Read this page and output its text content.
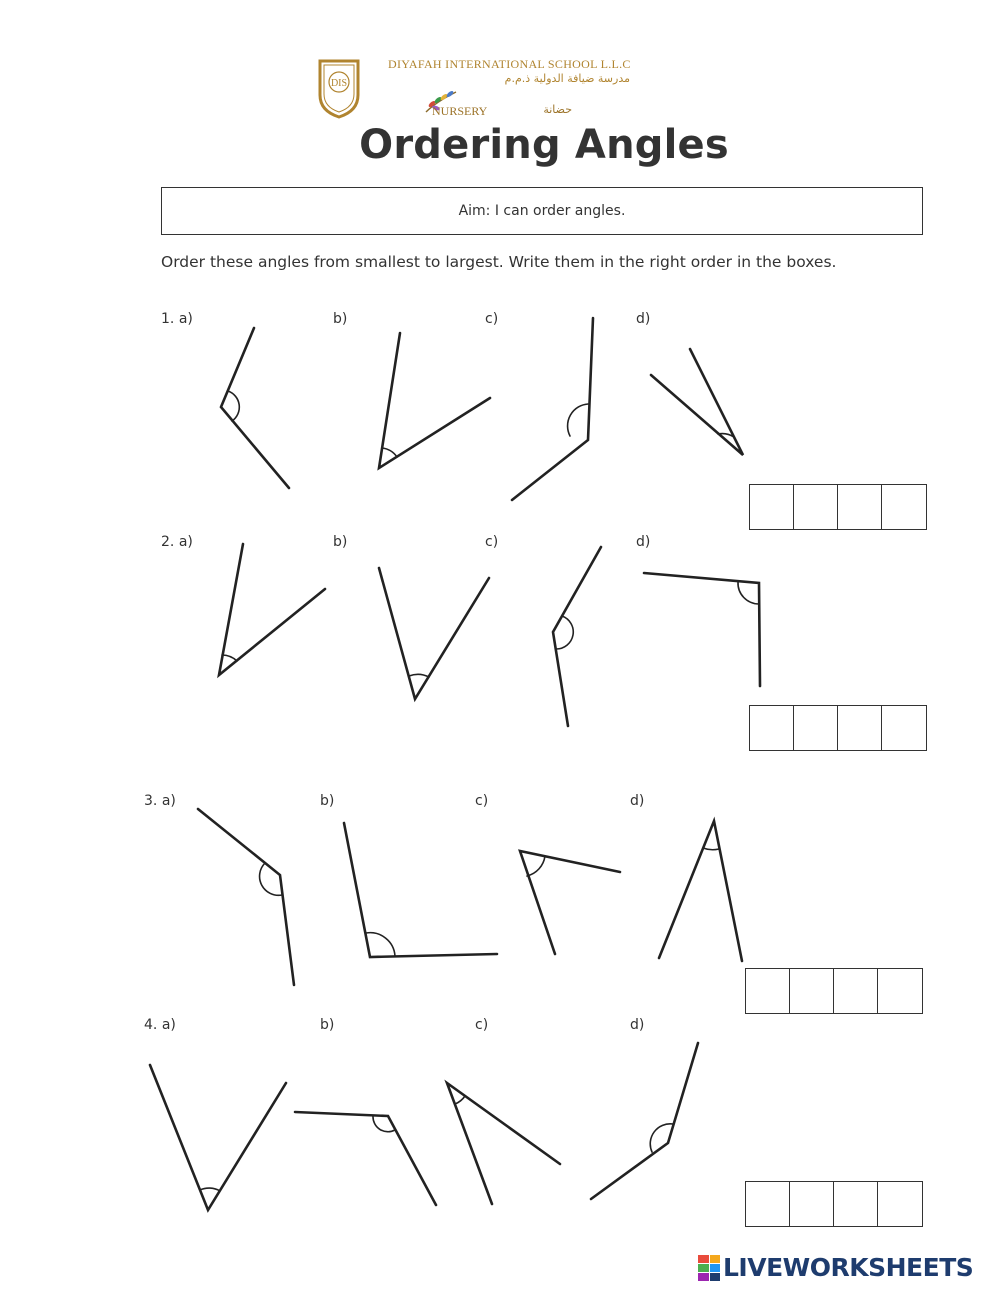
DIS
DIYAFAH INTERNATIONAL SCHOOL L.L.C
مدرسة ضيافة الدولية ذ.م.م
NURSERY	حضانة
Ordering Angles
Aim: I can order angles.
Order these angles from smallest to largest. Write them in the right order in the boxes.
1. a)	b)	c)	d)
2. a)	b)	c)	d)
3. a)	b)	c)	d)
4. a)	b)	c)	d)
LIVEWORKSHEETS
